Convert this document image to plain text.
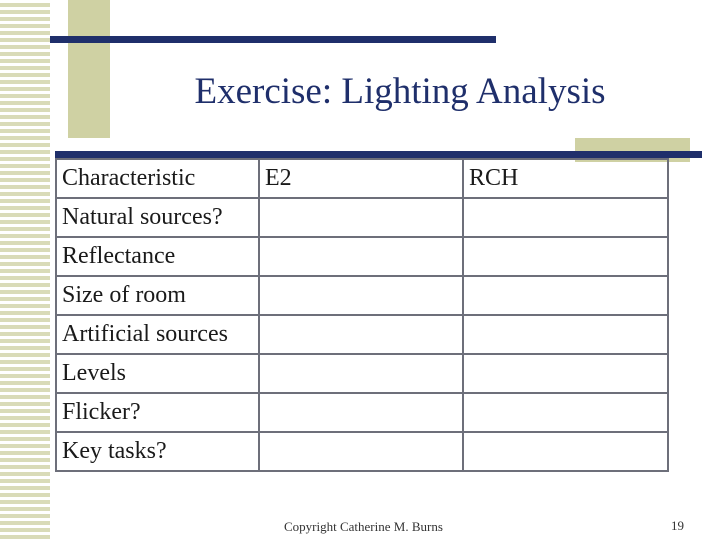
Exercise: Lighting Analysis
Characteristic	E2	RCH
Natural sources?		
Reflectance		
Size of room		
Artificial sources		
Levels		
Flicker?		
Key tasks?		
Copyright Catherine M. Burns	19
